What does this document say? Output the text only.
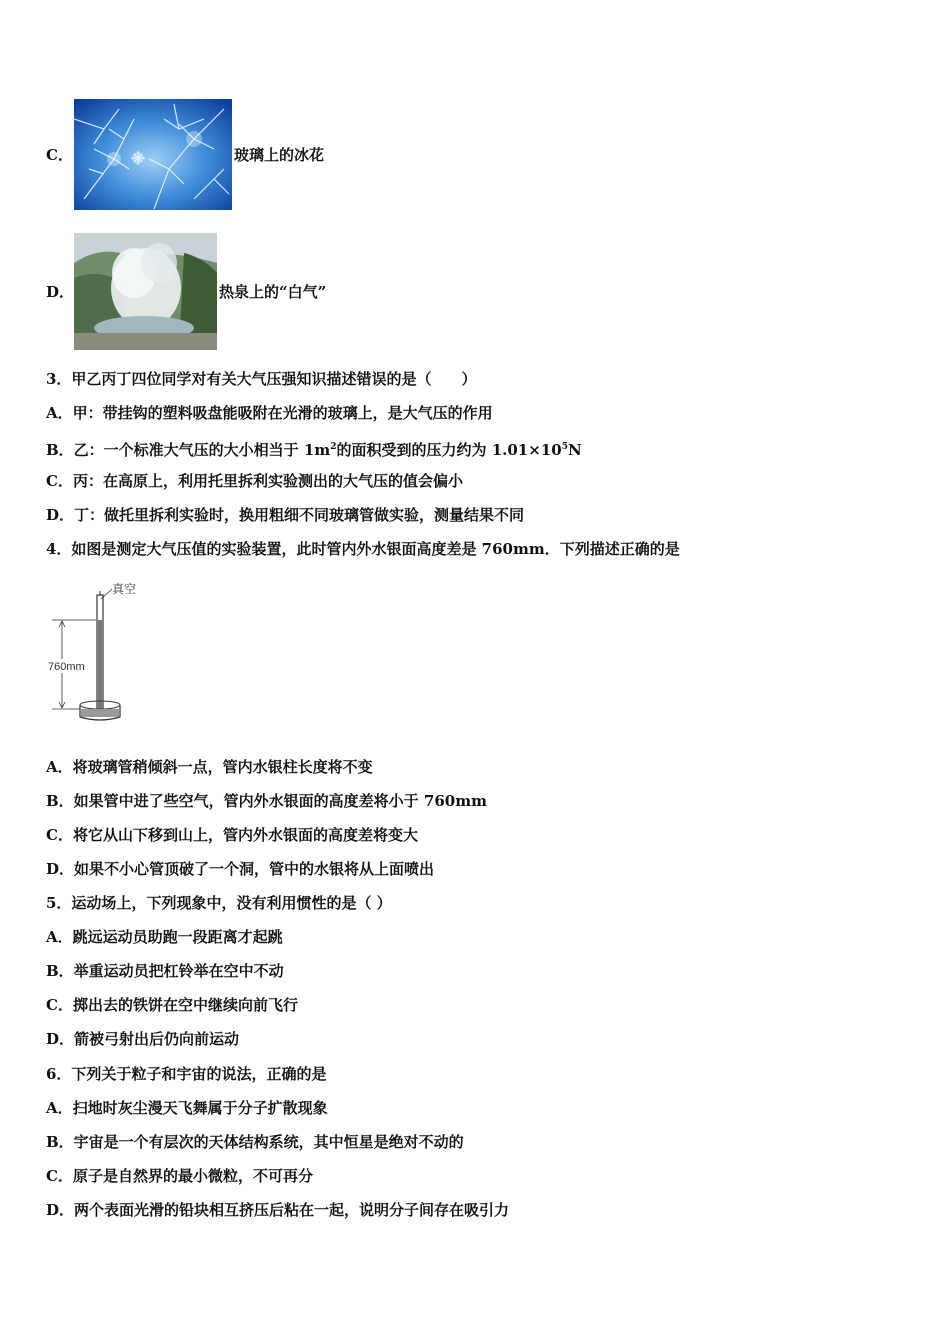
C．	玻璃上的冰花
D．	热泉上的“白气”
3．甲乙丙丁四位同学对有关大气压强知识描述错误的是（　　）
A．甲：带挂钩的塑料吸盘能吸附在光滑的玻璃上，是大气压的作用
B．乙：一个标准大气压的大小相当于 $1m^2$的面积受到的压力约为 $1.01\times 10^5N$
C．丙：在高原上，利用托里拆利实验测出的大气压的值会偏小
D．丁：做托里拆利实验时，换用粗细不同玻璃管做实验，测量结果不同
4．如图是测定大气压值的实验装置，此时管内外水银面高度差是 760mm．下列描述正确的是
真空
760mm
A．将玻璃管稍倾斜一点，管内水银柱长度将不变
B．如果管中进了些空气，管内外水银面的高度差将小于 760mm
C．将它从山下移到山上，管内外水银面的高度差将变大
D．如果不小心管顶破了一个洞，管中的水银将从上面喷出
5．运动场上，下列现象中，没有利用惯性的是（ ）
A．跳远运动员助跑一段距离才起跳
B．举重运动员把杠铃举在空中不动
C．掷出去的铁饼在空中继续向前飞行
D．箭被弓射出后仍向前运动
6．下列关于粒子和宇宙的说法，正确的是
A．扫地时灰尘漫天飞舞属于分子扩散现象
B．宇宙是一个有层次的天体结构系统，其中恒星是绝对不动的
C．原子是自然界的最小微粒，不可再分
D．两个表面光滑的铅块相互挤压后粘在一起，说明分子间存在吸引力
